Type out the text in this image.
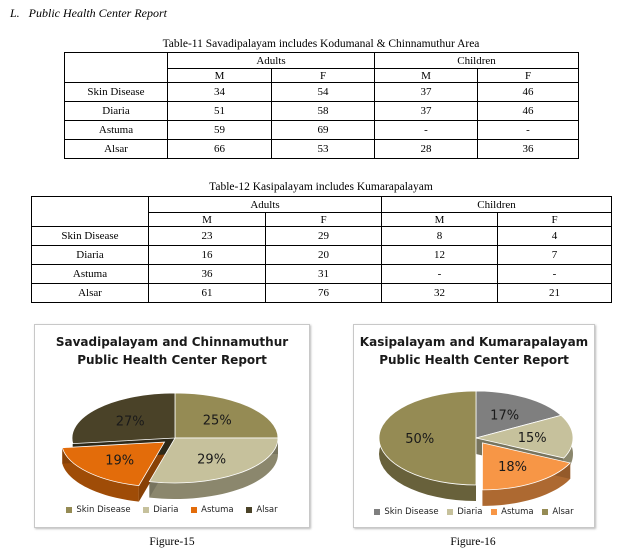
L.   Public Health Center Report
Table-11 Savadipalayam includes Kodumanal & Chinnamuthur Area
	Adults		Children	
	M	F	M	F
Skin Disease	34	54	37	46
Diaria	51	58	37	46
Astuma	59	69	-	-
Alsar	66	53	28	36
Table-12 Kasipalayam includes Kumarapalayam
	Adults		Children	
	M	F	M	F
Skin Disease	23	29	8	4
Diaria	16	20	12	7
Astuma	36	31	-	-
Alsar	61	76	32	21
Savadipalayam and Chinnamuthur
Public Health Center Report
25%
29%
19%
27%
Skin Disease	Diaria	Astuma	Alsar
Figure-15
Kasipalayam and Kumarapalayam
Public Health Center Report
17%
15%
18%
50%
Skin Disease Diaria Astuma Alsar
Figure-16
